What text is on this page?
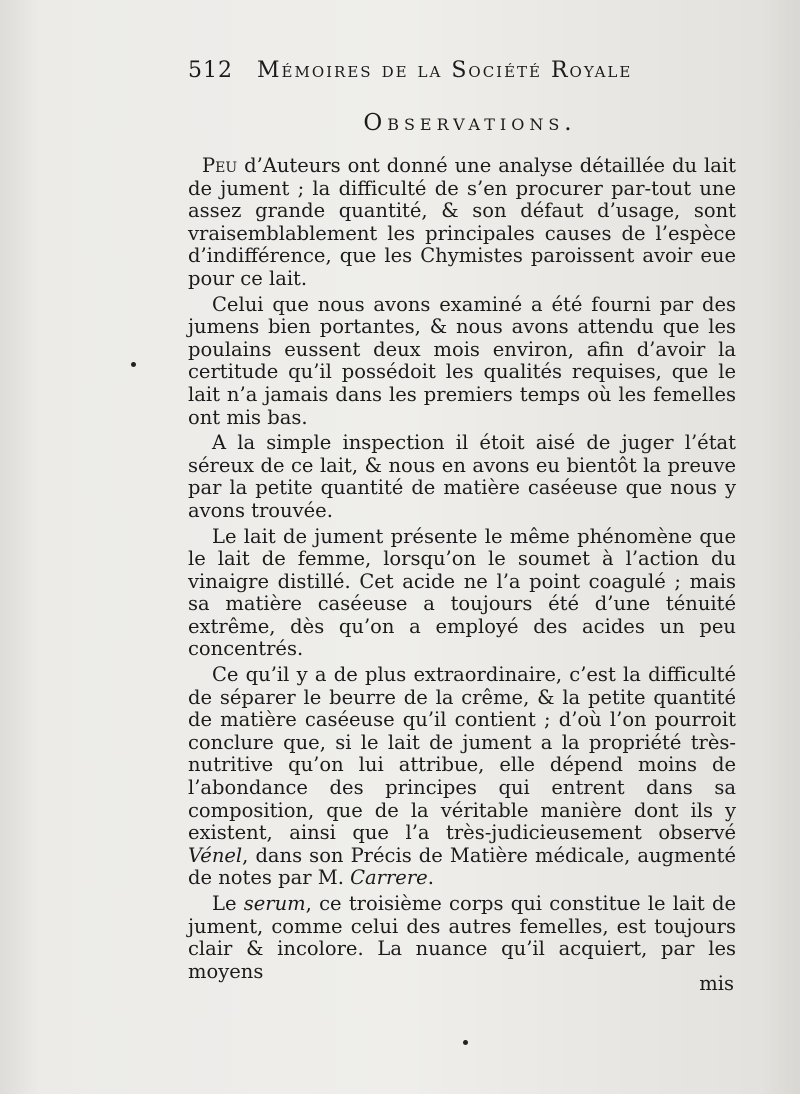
512 Mémoires de la Société Royale
Observations.

Peu d’Auteurs ont donné une analyse détaillée du lait de jument ; la difficulté de s’en procurer par-tout une assez grande quantité, & son défaut d’usage, sont vraisemblablement les principales causes de l’espèce d’indifférence, que les Chymistes paroissent avoir eue pour ce lait.

Celui que nous avons examiné a été fourni par des jumens bien portantes, & nous avons attendu que les poulains eussent deux mois environ, afin d’avoir la certitude qu’il possédoit les qualités requises, que le lait n’a jamais dans les premiers temps où les femelles ont mis bas.

A la simple inspection il étoit aisé de juger l’état séreux de ce lait, & nous en avons eu bientôt la preuve par la petite quantité de matière caséeuse que nous y avons trouvée.

Le lait de jument présente le même phénomène que le lait de femme, lorsqu’on le soumet à l’action du vinaigre distillé. Cet acide ne l’a point coagulé ; mais sa matière caséeuse a toujours été d’une ténuité extrême, dès qu’on a employé des acides un peu concentrés.

Ce qu’il y a de plus extraordinaire, c’est la difficulté de séparer le beurre de la crême, & la petite quantité de matière caséeuse qu’il contient ; d’où l’on pourroit conclure que, si le lait de jument a la propriété très-nutritive qu’on lui attribue, elle dépend moins de l’abondance des principes qui entrent dans sa composition, que de la véritable manière dont ils y existent, ainsi que l’a très-judicieusement observé Vénel, dans son Précis de Matière médicale, augmenté de notes par M. Carrere.

Le serum, ce troisième corps qui constitue le lait de jument, comme celui des autres femelles, est toujours clair & incolore. La nuance qu’il acquiert, par les moyens

mis
